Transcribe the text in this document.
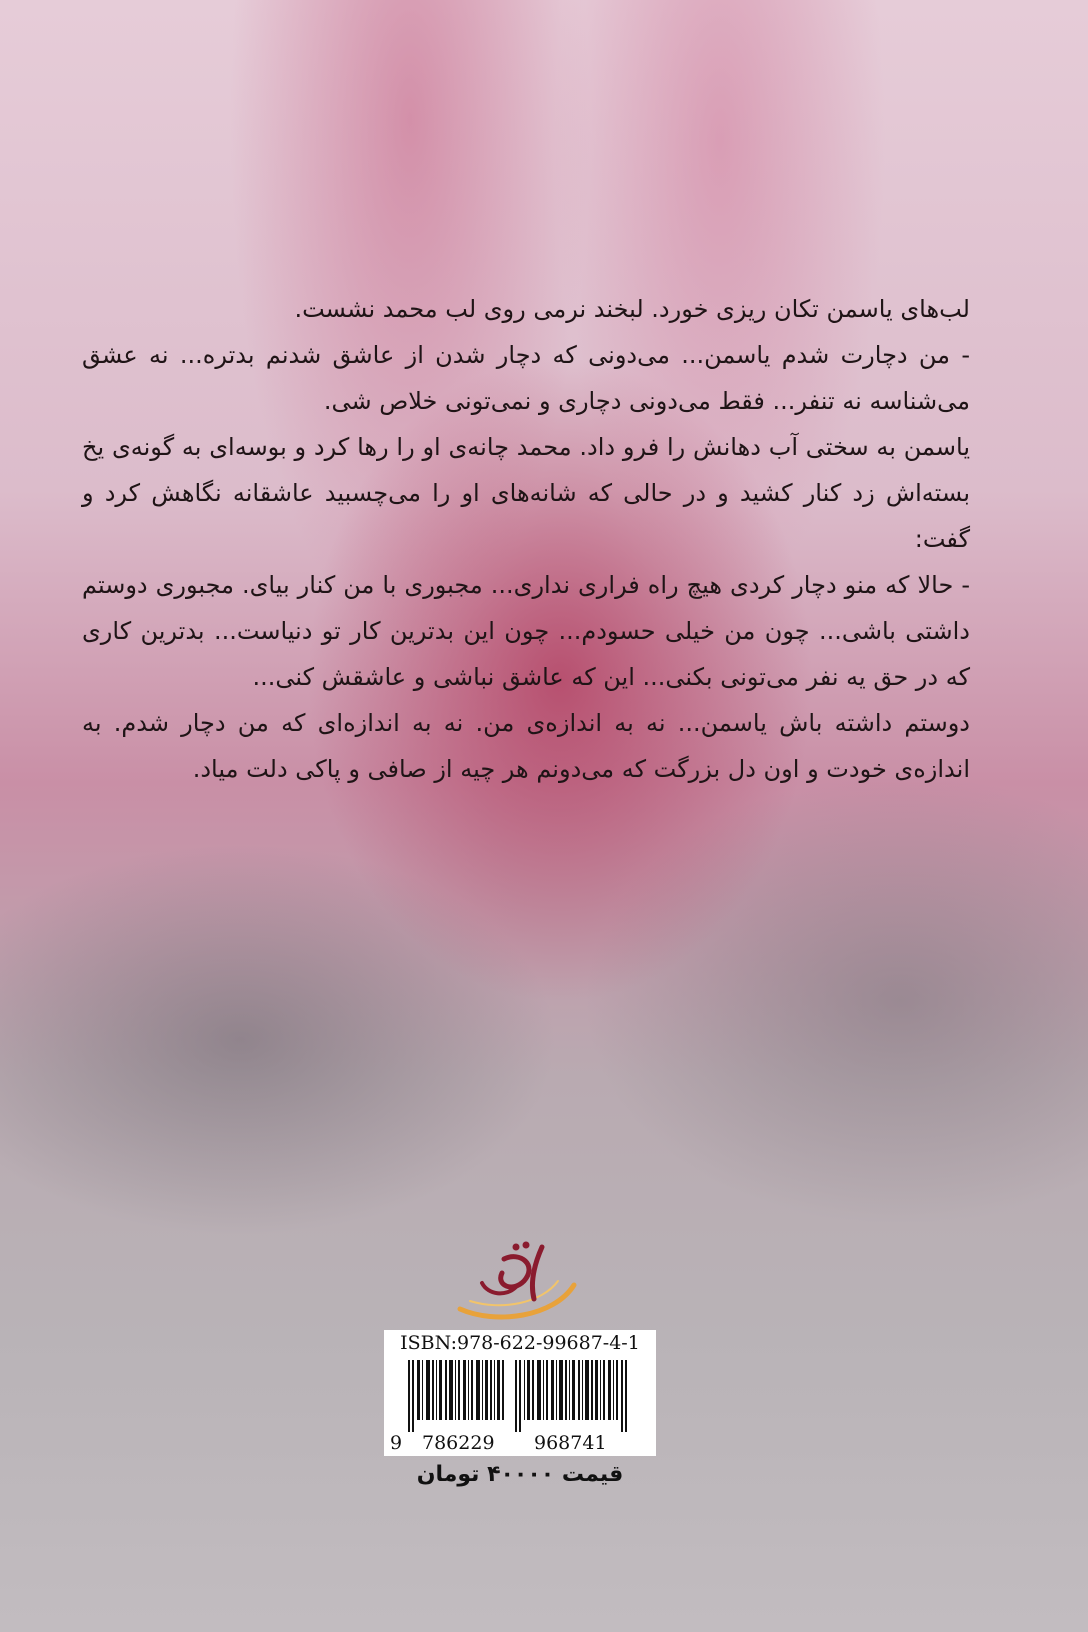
لب‌های یاسمن تکان ریزی خورد. لبخند نرمی روی لب محمد نشست.

- من دچارت شدم یاسمن... می‌دونی که دچار شدن از عاشق شدنم بدتره... نه عشق می‌شناسه نه تنفر... فقط می‌دونی دچاری و نمی‌تونی خلاص شی.

یاسمن به سختی آب دهانش را فرو داد. محمد چانه‌ی او را رها کرد و بوسه‌ای به گونه‌ی یخ بسته‌اش زد کنار کشید و در حالی که شانه‌های او را می‌چسبید عاشقانه نگاهش کرد و گفت:

- حالا که منو دچار کردی هیچ راه فراری نداری... مجبوری با من کنار بیای. مجبوری دوستم داشتی باشی... چون من خیلی حسودم... چون این بدترین کار تو دنیاست... بدترین کاری که در حق یه نفر می‌تونی بکنی... این که عاشق نباشی و عاشقش کنی...

دوستم داشته باش یاسمن... نه به اندازه‌ی من. نه به اندازه‌ای که من دچار شدم. به اندازه‌ی خودت و اون دل بزرگت که می‌دونم هر چیه از صافی و پاکی دلت میاد.

ISBN:978-622-99687-4-1
9 786229 968741
قیمت ۴۰۰۰۰ تومان
